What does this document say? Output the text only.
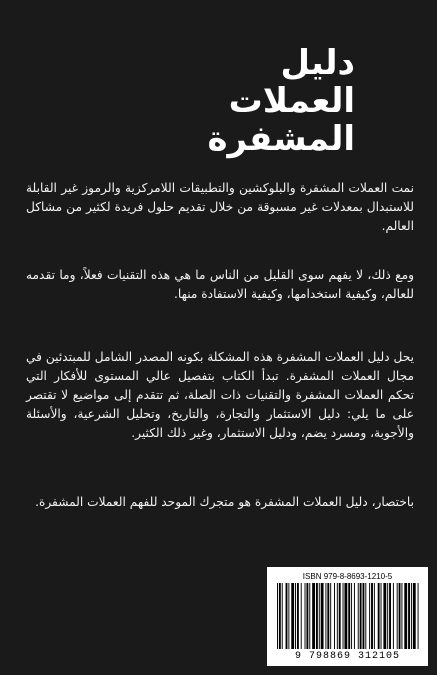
دليل
العملات
المشفرة
نمت العملات المشفرة والبلوكشين والتطبيقات اللامركزية والرموز غير القابلة للاستبدال بمعدلات غير مسبوقة من خلال تقديم حلول فريدة لكثير من مشاكل العالم.
ومع ذلك، لا يفهم سوى القليل من الناس ما هي هذه التقنيات فعلاً، وما تقدمه للعالم، وكيفية استخدامها، وكيفية الاستفادة منها.
يحل دليل العملات المشفرة هذه المشكلة بكونه المصدر الشامل للمبتدئين في مجال العملات المشفرة. تبدأ الكتاب بتفصيل عالي المستوى للأفكار التي تحكم العملات المشفرة والتقنيات ذات الصلة، ثم تتقدم إلى مواضيع لا تقتصر على ما يلي: دليل الاستثمار والتجارة، والتاريخ، وتحليل الشرعية، والأسئلة والأجوبة، ومسرد يضم، ودليل الاستثمار، وغير ذلك الكثير.
باختصار، دليل العملات المشفرة هو متجرك الموحد للفهم العملات المشفرة.
ISBN 979-8-8693-1210-5
9 798869 312105
